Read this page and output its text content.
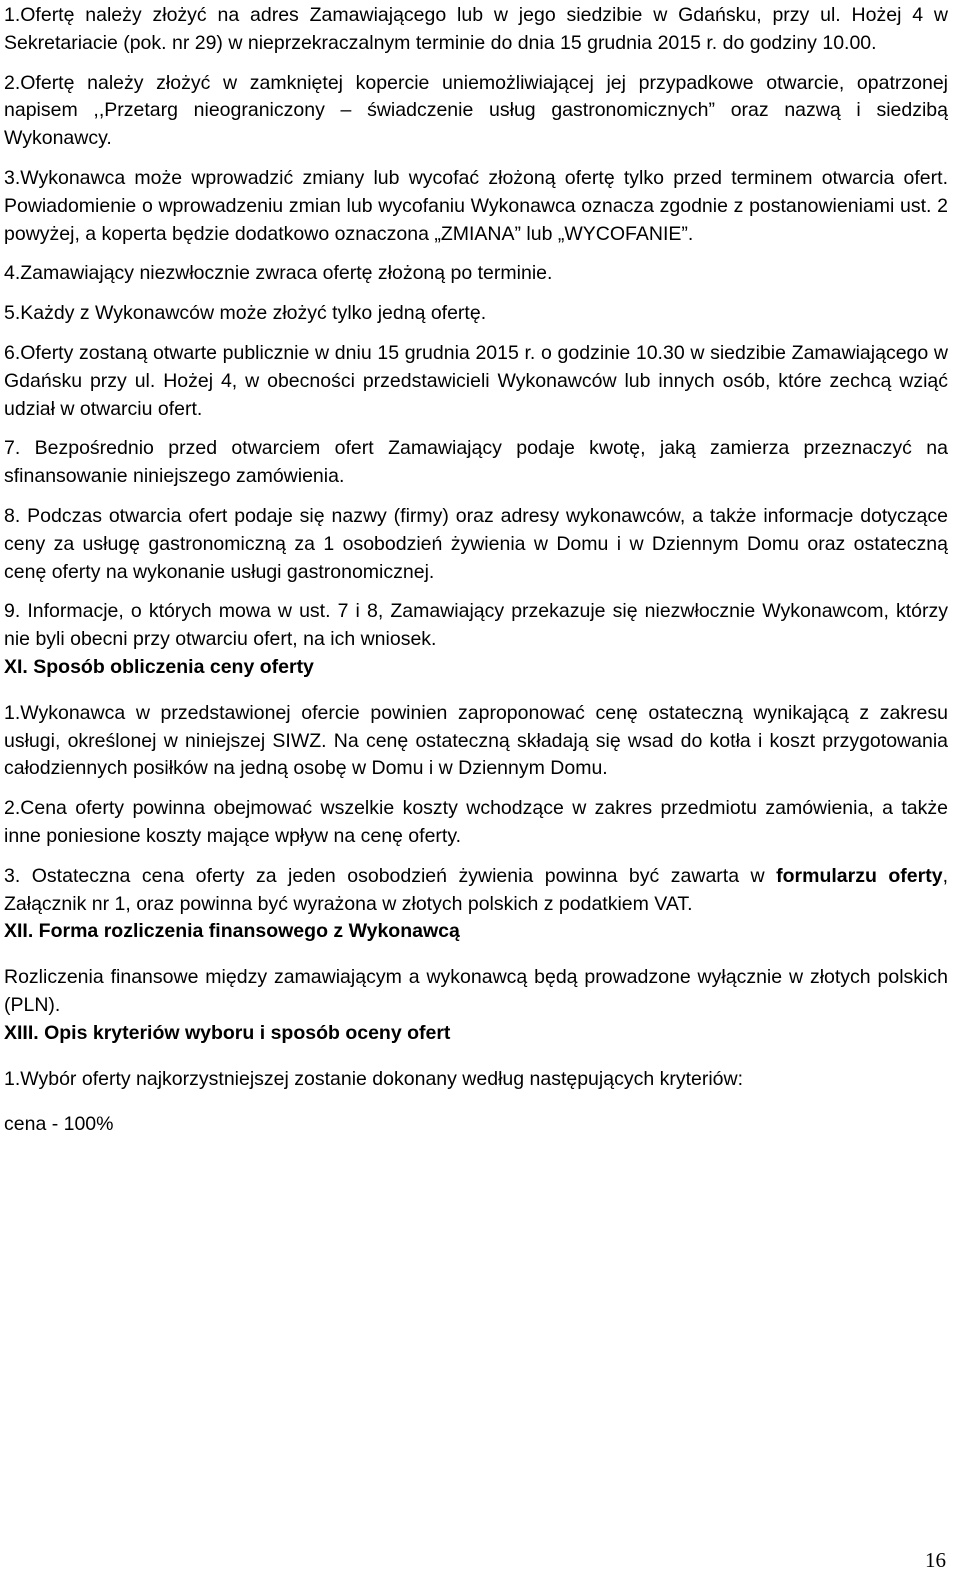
1.Ofertę należy złożyć na adres Zamawiającego lub w jego siedzibie w Gdańsku, przy ul. Hożej 4 w Sekretariacie (pok. nr 29) w nieprzekraczalnym terminie do dnia 15 grudnia 2015 r. do godziny 10.00.

2.Ofertę należy złożyć w zamkniętej kopercie uniemożliwiającej jej przypadkowe otwarcie, opatrzonej napisem ,,Przetarg nieograniczony – świadczenie usług gastronomicznych” oraz nazwą i siedzibą Wykonawcy.

3.Wykonawca może wprowadzić zmiany lub wycofać złożoną ofertę tylko przed terminem otwarcia ofert. Powiadomienie o wprowadzeniu zmian lub wycofaniu Wykonawca oznacza zgodnie z postanowieniami ust. 2 powyżej, a koperta będzie dodatkowo oznaczona „ZMIANA” lub „WYCOFANIE”.

4.Zamawiający niezwłocznie zwraca ofertę złożoną po terminie.

5.Każdy z Wykonawców może złożyć tylko jedną ofertę.

6.Oferty zostaną otwarte publicznie w dniu 15 grudnia 2015 r. o godzinie 10.30 w siedzibie Zamawiającego w Gdańsku przy ul. Hożej 4, w obecności przedstawicieli Wykonawców lub innych osób, które zechcą wziąć udział w otwarciu ofert.

7. Bezpośrednio przed otwarciem ofert Zamawiający podaje kwotę, jaką zamierza przeznaczyć na sfinansowanie niniejszego zamówienia.

8. Podczas otwarcia ofert podaje się nazwy (firmy) oraz adresy wykonawców, a także informacje dotyczące ceny za usługę gastronomiczną za 1 osobodzień żywienia w Domu i w Dziennym Domu oraz ostateczną cenę oferty na wykonanie usługi gastronomicznej.

9. Informacje, o których mowa w ust. 7 i 8, Zamawiający przekazuje się niezwłocznie Wykonawcom, którzy nie byli obecni przy otwarciu ofert, na ich wniosek.

XI. Sposób obliczenia ceny oferty

1.Wykonawca w przedstawionej ofercie powinien zaproponować cenę ostateczną wynikającą z zakresu usługi, określonej w niniejszej SIWZ. Na cenę ostateczną składają się wsad do kotła i koszt przygotowania całodziennych posiłków na jedną osobę w Domu i w Dziennym Domu.

2.Cena oferty powinna obejmować wszelkie koszty wchodzące w zakres przedmiotu zamówienia, a także inne poniesione koszty mające wpływ na cenę oferty.

3. Ostateczna cena oferty za jeden osobodzień żywienia powinna być zawarta w formularzu oferty, Załącznik nr 1, oraz powinna być wyrażona w złotych polskich z podatkiem VAT.

XII. Forma rozliczenia finansowego z Wykonawcą

Rozliczenia finansowe między zamawiającym a wykonawcą będą prowadzone wyłącznie w złotych polskich (PLN).

XIII. Opis kryteriów wyboru i sposób oceny ofert

1.Wybór oferty najkorzystniejszej zostanie dokonany według następujących kryteriów:

cena - 100%

16
